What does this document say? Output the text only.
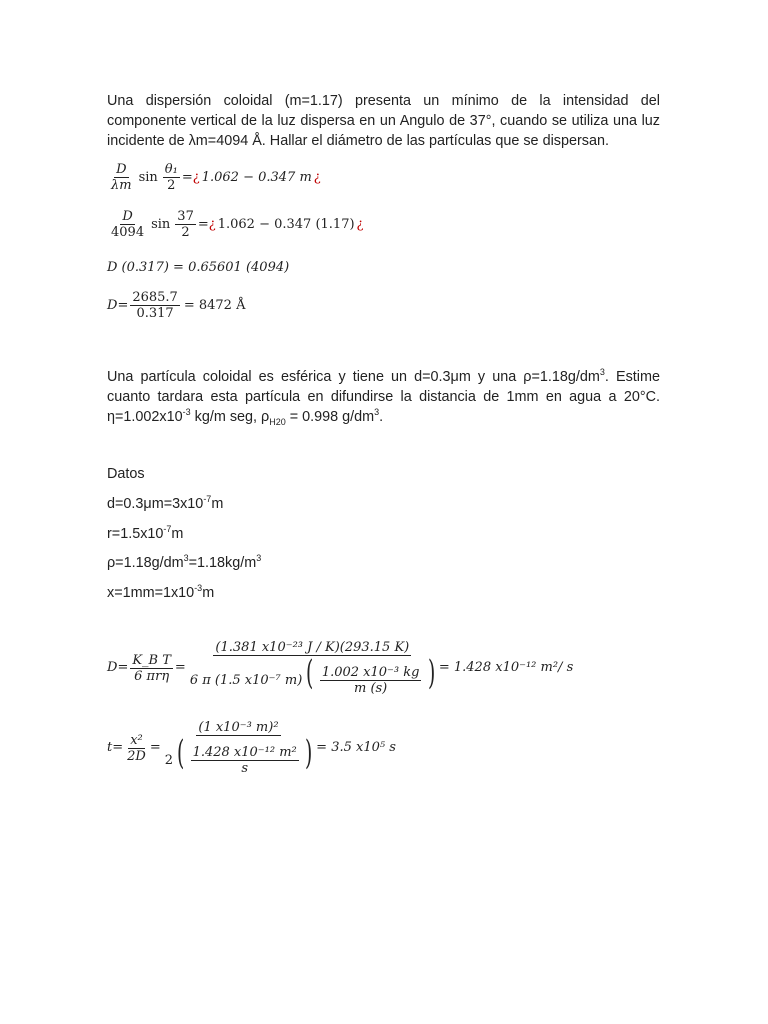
Una dispersión coloidal (m=1.17) presenta un mínimo de la intensidad del componente vertical de la luz dispersa en un Angulo de 37°, cuando se utiliza una luz incidente de λm=4094 Å. Hallar el diámetro de las partículas que se dispersan.

$\frac{D}{\lambda m}$ $\sin \frac{\text{θ₁}}{2}$ = ¿ 1.062 − 0.347 m ¿
$\frac{D}{4094}$ $\sin \frac{37}{2}$ = ¿ 1.062 − 0.347 (1.17) ¿
D (0.317) = 0.65601 (4094)
$D = \frac{2685.7}{0.317} = 8472$ Å

Una partícula coloidal es esférica y tiene un d=0.3μm y una $\rho=1.18g/dm^3$. Estime cuanto tardara esta partícula en difundirse la distancia de 1mm en agua a 20°C. $\eta=1.002x10^{-3}$ kg/m seg, $\rho_{H20} = 0.998$ $g/dm^3$.

Datos

$d=0.3\mu m=3x10^{-7}m$

$r=1.5x10^{-7}m$

$\rho=1.18g/dm^3=1.18kg/m^3$

$x=1mm=1x10^{-3}m$

$D = \frac{\text{K\_B T}}{\text{6 πrη}}$ =
(1.381 x10⁻²³ J / K)(293.15 K)
6 π (1.5 x10⁻⁷ m) ( $\frac{\text{1.002 x10⁻³ kg}}{m (s)}$ ) = 1.428 x10⁻¹² m²/ s
$t = \frac{\text{x²}}{2D}$ =
(1 x10⁻³ m)²
2 ( $\frac{\text{1.428 x10⁻¹² m²}}{s}$ ) = 3.5 x10⁵ s
